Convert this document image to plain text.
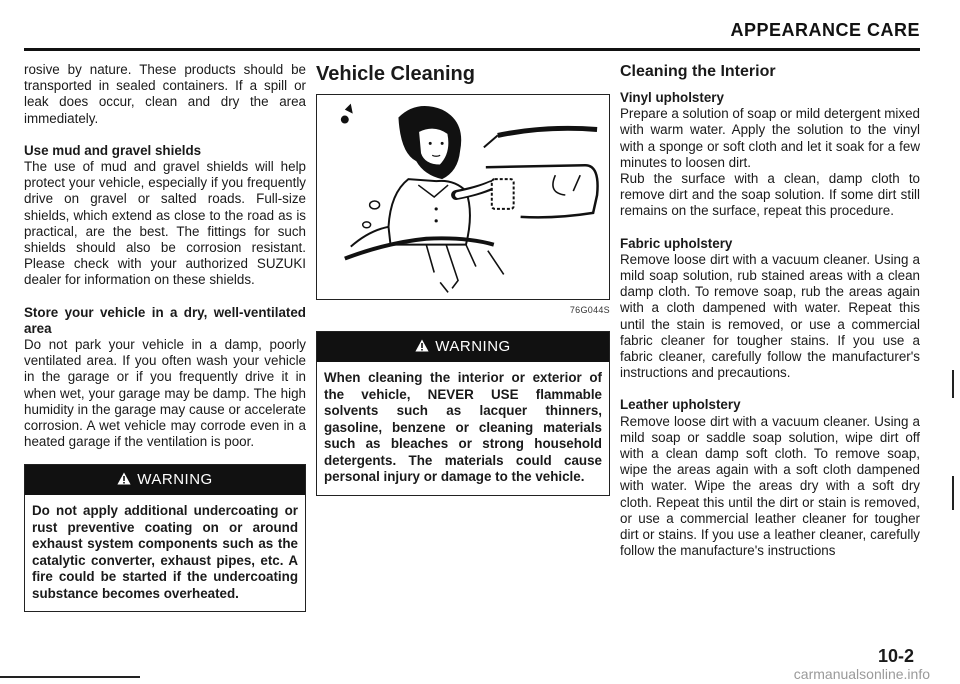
APPEARANCE CARE

rosive by nature. These products should be transported in sealed containers. If a spill or leak does occur, clean and dry the area immediately.

Use mud and gravel shields

The use of mud and gravel shields will help protect your vehicle, especially if you frequently drive on gravel or salted roads. Full-size shields, which extend as close to the road as is practical, are the best. The fittings for such shields should also be corrosion resistant. Please check with your authorized SUZUKI dealer for information on these shields.

Store your vehicle in a dry, well-ventilated area

Do not park your vehicle in a damp, poorly ventilated area. If you often wash your vehicle in the garage or if you frequently drive it in when wet, your garage may be damp. The high humidity in the garage may cause or accelerate corrosion. A wet vehicle may corrode even in a heated garage if the ventilation is poor.

WARNING

Do not apply additional undercoating or rust preventive coating on or around exhaust system components such as the catalytic converter, exhaust pipes, etc. A fire could be started if the undercoating substance becomes overheated.

Vehicle Cleaning
76G044S
WARNING

When cleaning the interior or exterior of the vehicle, NEVER USE flammable solvents such as lacquer thinners, gasoline, benzene or cleaning materials such as bleaches or strong household detergents. The materials could cause personal injury or damage to the vehicle.

Cleaning the Interior

Vinyl upholstery

Prepare a solution of soap or mild detergent mixed with warm water. Apply the solution to the vinyl with a sponge or soft cloth and let it soak for a few minutes to loosen dirt.

Rub the surface with a clean, damp cloth to remove dirt and the soap solution. If some dirt still remains on the surface, repeat this procedure.

Fabric upholstery

Remove loose dirt with a vacuum cleaner. Using a mild soap solution, rub stained areas with a clean damp cloth. To remove soap, rub the areas again with a cloth dampened with water. Repeat this until the stain is removed, or use a commercial fabric cleaner for tougher stains. If you use a fabric cleaner, carefully follow the manufacturer's instructions and precautions.

Leather upholstery

Remove loose dirt with a vacuum cleaner. Using a mild soap or saddle soap solution, wipe dirt off with a clean damp soft cloth. To remove soap, wipe the areas again with a soft cloth dampened with water. Wipe the areas dry with a soft dry cloth. Repeat this until the dirt or stain is removed, or use a commercial leather cleaner for tougher dirt or stains. If you use a leather cleaner, carefully follow the manufacture's instructions

10-2
carmanualsonline.info
